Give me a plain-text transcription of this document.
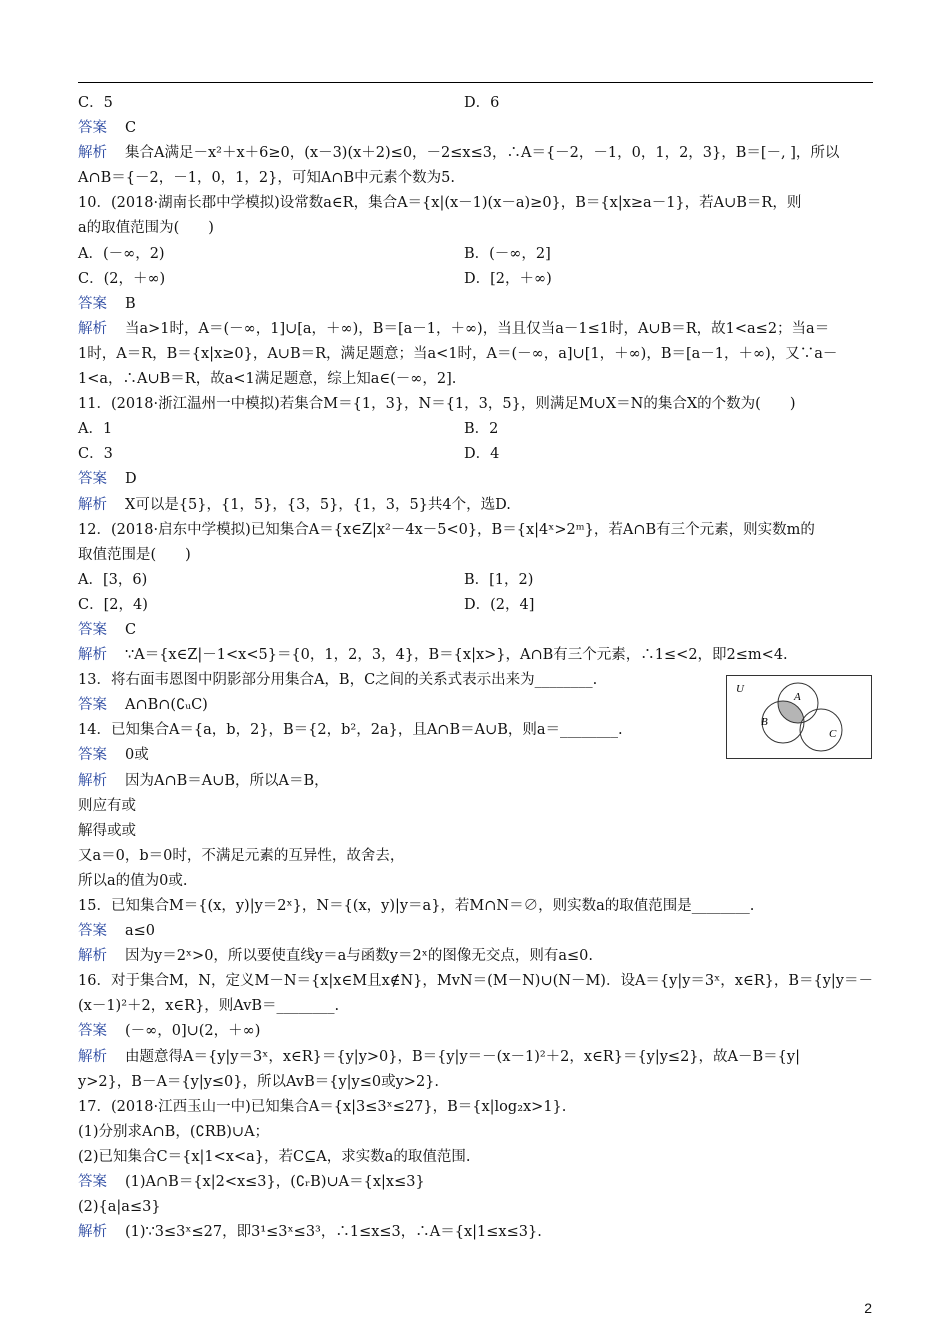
C．5	D．6
答案 C
解析 集合A满足－x²＋x＋6≥0，(x－3)(x＋2)≤0，－2≤x≤3，∴A＝{－2，－1，0，1，2，3}，B＝[－, ]，所以
A∩B＝{－2，－1，0，1，2}，可知A∩B中元素个数为5.
10．(2018·湖南长郡中学模拟)设常数a∈R，集合A＝{x|(x－1)(x－a)≥0}，B＝{x|x≥a－1}，若A∪B＝R，则
a的取值范围为(　　)
A．(－∞，2)	B．(－∞，2]
C．(2，＋∞)	D．[2，＋∞)
答案 B
解析 当a>1时，A＝(－∞，1]∪[a，＋∞)，B＝[a－1，＋∞)，当且仅当a－1≤1时，A∪B＝R，故1<a≤2；当a＝
1时，A＝R，B＝{x|x≥0}，A∪B＝R，满足题意；当a<1时，A＝(－∞，a]∪[1，＋∞)，B＝[a－1，＋∞)，又∵a－
1<a，∴A∪B＝R，故a<1满足题意，综上知a∈(－∞，2].
11．(2018·浙江温州一中模拟)若集合M＝{1，3}，N＝{1，3，5}，则满足M∪X＝N的集合X的个数为(　　)
A．1	B．2
C．3	D．4
答案 D
解析 X可以是{5}，{1，5}，{3，5}，{1，3，5}共4个，选D.
12．(2018·启东中学模拟)已知集合A＝{x∈Z|x²－4x－5<0}，B＝{x|4ˣ>2ᵐ}，若A∩B有三个元素，则实数m的
取值范围是(　　)
A．[3，6)	B．[1，2)
C．[2，4)	D．(2，4]
答案 C
解析 ∵A＝{x∈Z|－1<x<5}＝{0，1，2，3，4}，B＝{x|x>}，A∩B有三个元素，∴1≤<2，即2≤m<4.
13．将右面韦恩图中阴影部分用集合A，B，C之间的关系式表示出来为________.
答案 A∩B∩(∁ᵤC)
14．已知集合A＝{a，b，2}，B＝{2，b²，2a}，且A∩B＝A∪B，则a＝________.
答案 0或
解析 因为A∩B＝A∪B，所以A＝B，
则应有或
解得或或
又a＝0，b＝0时，不满足元素的互异性，故舍去，
所以a的值为0或.
15．已知集合M＝{(x，y)|y＝2ˣ}，N＝{(x，y)|y＝a}，若M∩N＝∅，则实数a的取值范围是________.
答案 a≤0
解析 因为y＝2ˣ>0，所以要使直线y＝a与函数y＝2ˣ的图像无交点，则有a≤0.
16．对于集合M，N，定义M－N＝{x|x∈M且x∉N}，MvN＝(M－N)∪(N－M)．设A＝{y|y＝3ˣ，x∈R}，B＝{y|y＝－
(x－1)²＋2，x∈R}，则AvB＝________.
答案 (－∞，0]∪(2，＋∞)
解析 由题意得A＝{y|y＝3ˣ，x∈R}＝{y|y>0}，B＝{y|y＝－(x－1)²＋2，x∈R}＝{y|y≤2}，故A－B＝{y|
y>2}，B－A＝{y|y≤0}，所以AvB＝{y|y≤0或y>2}.
17．(2018·江西玉山一中)已知集合A＝{x|3≤3ˣ≤27}，B＝{x|log₂x>1}.
(1)分别求A∩B，(∁RB)∪A；
(2)已知集合C＝{x|1<x<a}，若C⊆A，求实数a的取值范围.
答案 (1)A∩B＝{x|2<x≤3}，(∁ᵣB)∪A＝{x|x≤3}
(2){a|a≤3}
解析 (1)∵3≤3ˣ≤27，即3¹≤3ˣ≤3³，∴1≤x≤3，∴A＝{x|1≤x≤3}.
U
A
B
C
2
